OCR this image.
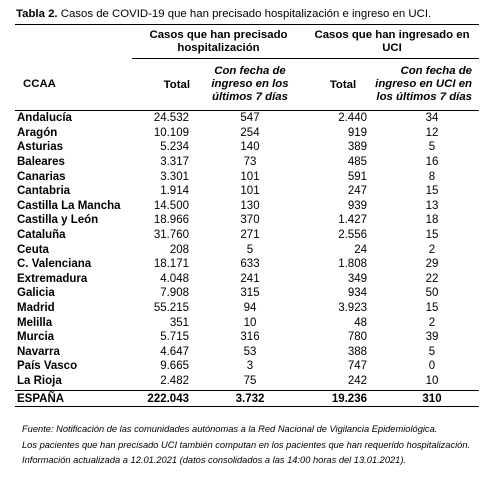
Tabla 2. Casos de COVID-19 que han precisado hospitalización e ingreso en UCI.
	Casos que han precisado hospitalización		Casos que han ingresado en UCI	
CCAA	Total	Con fecha de ingreso en los últimos 7 días	Total	Con fecha de ingreso en UCI en los últimos 7 días
Andalucía	24.532	547	2.440	34
Aragón	10.109	254	919	12
Asturias	5.234	140	389	5
Baleares	3.317	73	485	16
Canarias	3.301	101	591	8
Cantabria	1.914	101	247	15
Castilla La Mancha	14.500	130	939	13
Castilla y León	18.966	370	1.427	18
Cataluña	31.760	271	2.556	15
Ceuta	208	5	24	2
C. Valenciana	18.171	633	1.808	29
Extremadura	4.048	241	349	22
Galicia	7.908	315	934	50
Madrid	55.215	94	3.923	15
Melilla	351	10	48	2
Murcia	5.715	316	780	39
Navarra	4.647	53	388	5
País Vasco	9.665	3	747	0
La Rioja	2.482	75	242	10
ESPAÑA	222.043	3.732	19.236	310
Fuente: Notificación de las comunidades autónomas a la Red Nacional de Vigilancia Epidemiológica.
Los pacientes que han precisado UCI también computan en los pacientes que han requerido hospitalización.
Información actualizada a 12.01.2021 (datos consolidados a las 14:00 horas del 13.01.2021).
